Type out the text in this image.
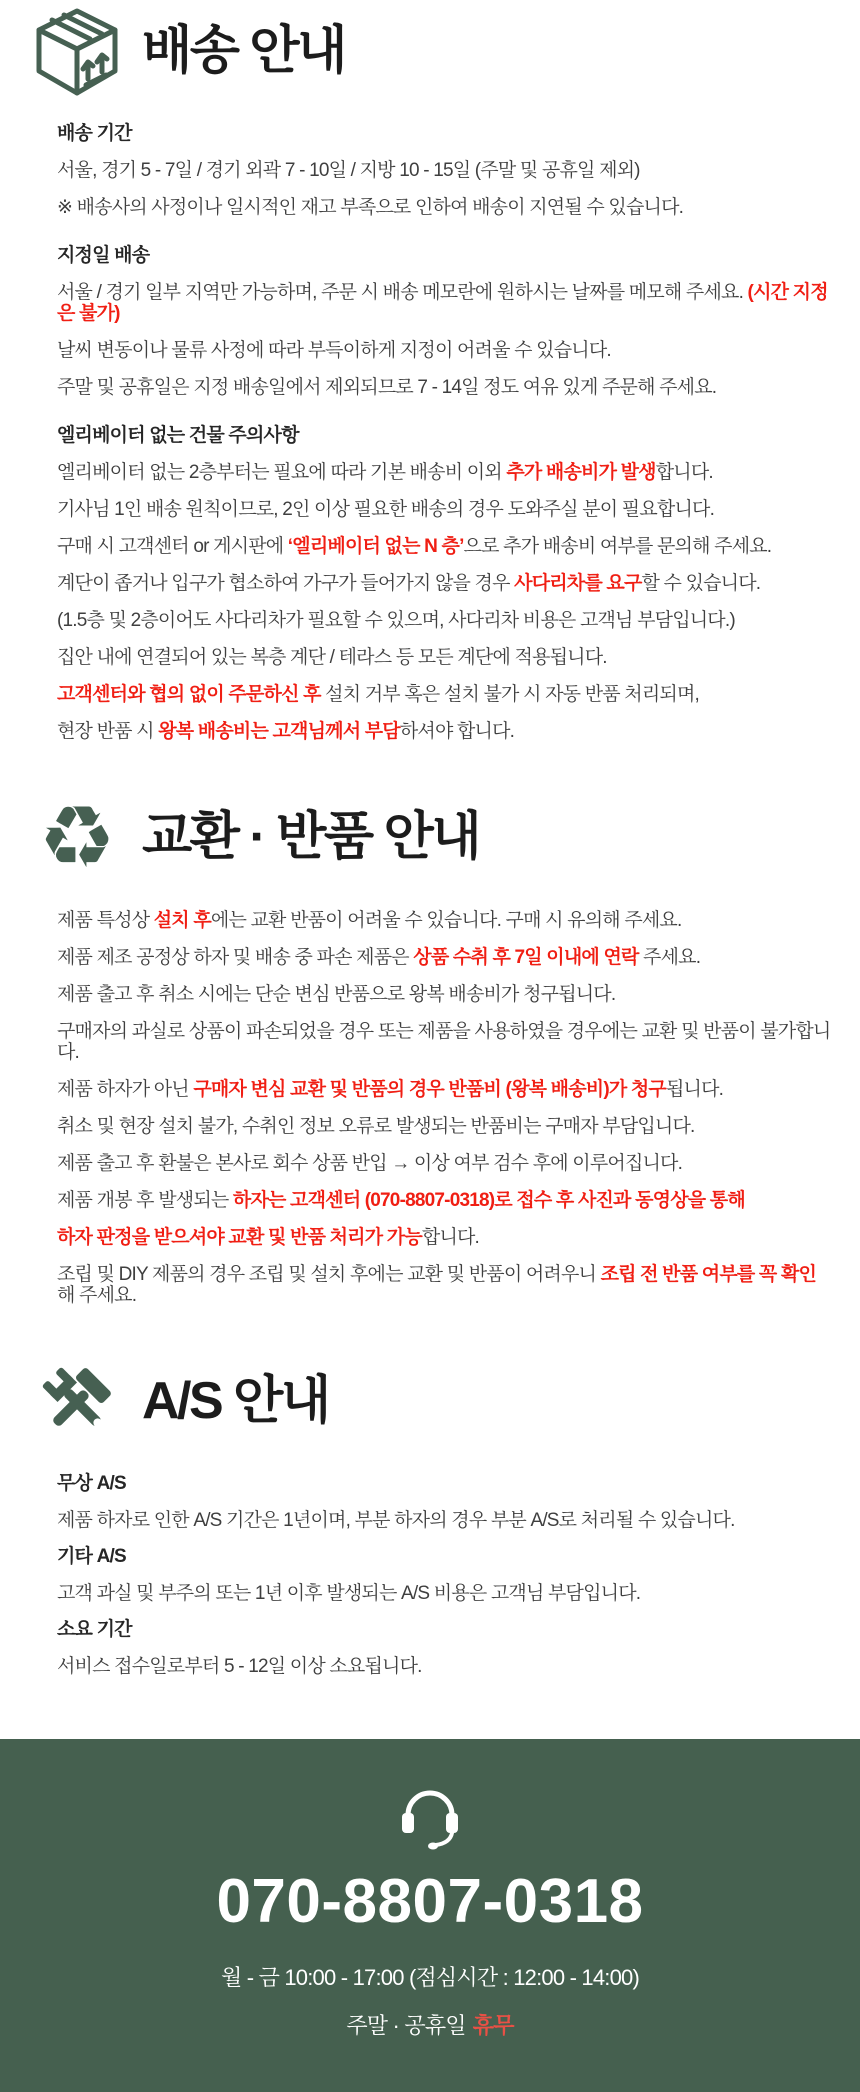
배송 안내
배송 기간
서울, 경기 5 - 7일 / 경기 외곽 7 - 10일 / 지방 10 - 15일 (주말 및 공휴일 제외)
※ 배송사의 사정이나 일시적인 재고 부족으로 인하여 배송이 지연될 수 있습니다.
지정일 배송
서울 / 경기 일부 지역만 가능하며, 주문 시 배송 메모란에 원하시는 날짜를 메모해 주세요. (시간 지정은 불가)
날씨 변동이나 물류 사정에 따라 부득이하게 지정이 어려울 수 있습니다.
주말 및 공휴일은 지정 배송일에서 제외되므로 7 - 14일 정도 여유 있게 주문해 주세요.
엘리베이터 없는 건물 주의사항
엘리베이터 없는 2층부터는 필요에 따라 기본 배송비 이외 추가 배송비가 발생합니다.
기사님 1인 배송 원칙이므로, 2인 이상 필요한 배송의 경우 도와주실 분이 필요합니다.
구매 시 고객센터 or 게시판에 ‘엘리베이터 없는 N 층’으로 추가 배송비 여부를 문의해 주세요.
계단이 좁거나 입구가 협소하여 가구가 들어가지 않을 경우 사다리차를 요구할 수 있습니다.
(1.5층 및 2층이어도 사다리차가 필요할 수 있으며, 사다리차 비용은 고객님 부담입니다.)
집안 내에 연결되어 있는 복층 계단 / 테라스 등 모든 계단에 적용됩니다.
고객센터와 협의 없이 주문하신 후 설치 거부 혹은 설치 불가 시 자동 반품 처리되며,
현장 반품 시 왕복 배송비는 고객님께서 부담하셔야 합니다.
♻ 교환 · 반품 안내
제품 특성상 설치 후에는 교환 반품이 어려울 수 있습니다. 구매 시 유의해 주세요.
제품 제조 공정상 하자 및 배송 중 파손 제품은 상품 수취 후 7일 이내에 연락 주세요.
제품 출고 후 취소 시에는 단순 변심 반품으로 왕복 배송비가 청구됩니다.
구매자의 과실로 상품이 파손되었을 경우 또는 제품을 사용하였을 경우에는 교환 및 반품이 불가합니다.
제품 하자가 아닌 구매자 변심 교환 및 반품의 경우 반품비 (왕복 배송비)가 청구됩니다.
취소 및 현장 설치 불가, 수취인 정보 오류로 발생되는 반품비는 구매자 부담입니다.
제품 출고 후 환불은 본사로 회수 상품 반입 → 이상 여부 검수 후에 이루어집니다.
제품 개봉 후 발생되는 하자는 고객센터 (070-8807-0318)로 접수 후 사진과 동영상을 통해
하자 판정을 받으셔야 교환 및 반품 처리가 가능합니다.
조립 및 DIY 제품의 경우 조립 및 설치 후에는 교환 및 반품이 어려우니 조립 전 반품 여부를 꼭 확인해 주세요.
A/S 안내
무상 A/S
제품 하자로 인한 A/S 기간은 1년이며, 부분 하자의 경우 부분 A/S로 처리될 수 있습니다.
기타 A/S
고객 과실 및 부주의 또는 1년 이후 발생되는 A/S 비용은 고객님 부담입니다.
소요 기간
서비스 접수일로부터 5 - 12일 이상 소요됩니다.
070-8807-0318
월 - 금 10:00 - 17:00 (점심시간 : 12:00 - 14:00)
주말 · 공휴일 휴무
